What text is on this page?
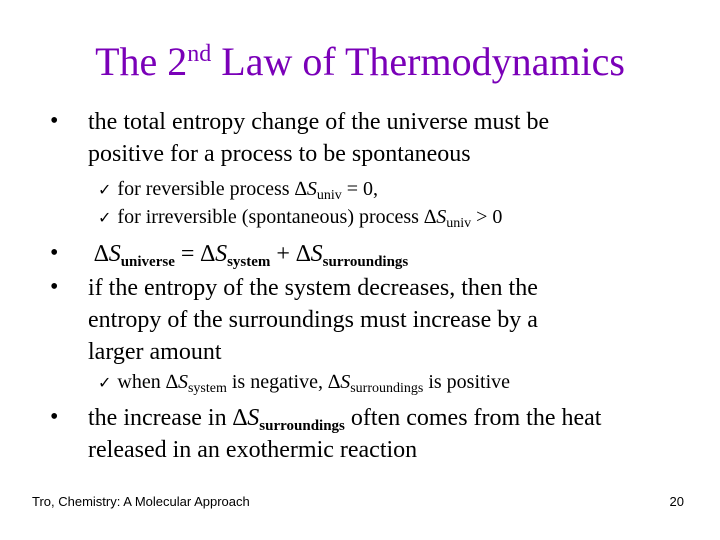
The 2nd Law of Thermodynamics
• the total entropy change of the universe must be
positive for a process to be spontaneous
✓ for reversible process $\Delta S_{univ} = 0$,
✓ for irreversible (spontaneous) process $\Delta S_{univ} > 0$
• $\Delta S_{universe} = \Delta S_{system} + \Delta S_{surroundings}$
• if the entropy of the system decreases, then the
entropy of the surroundings must increase by a
larger amount
✓ when $\Delta S_{system}$ is negative, $\Delta S_{surroundings}$ is positive
• the increase in $\Delta S_{surroundings}$ often comes from the heat
released in an exothermic reaction
Tro, Chemistry: A Molecular Approach	20
